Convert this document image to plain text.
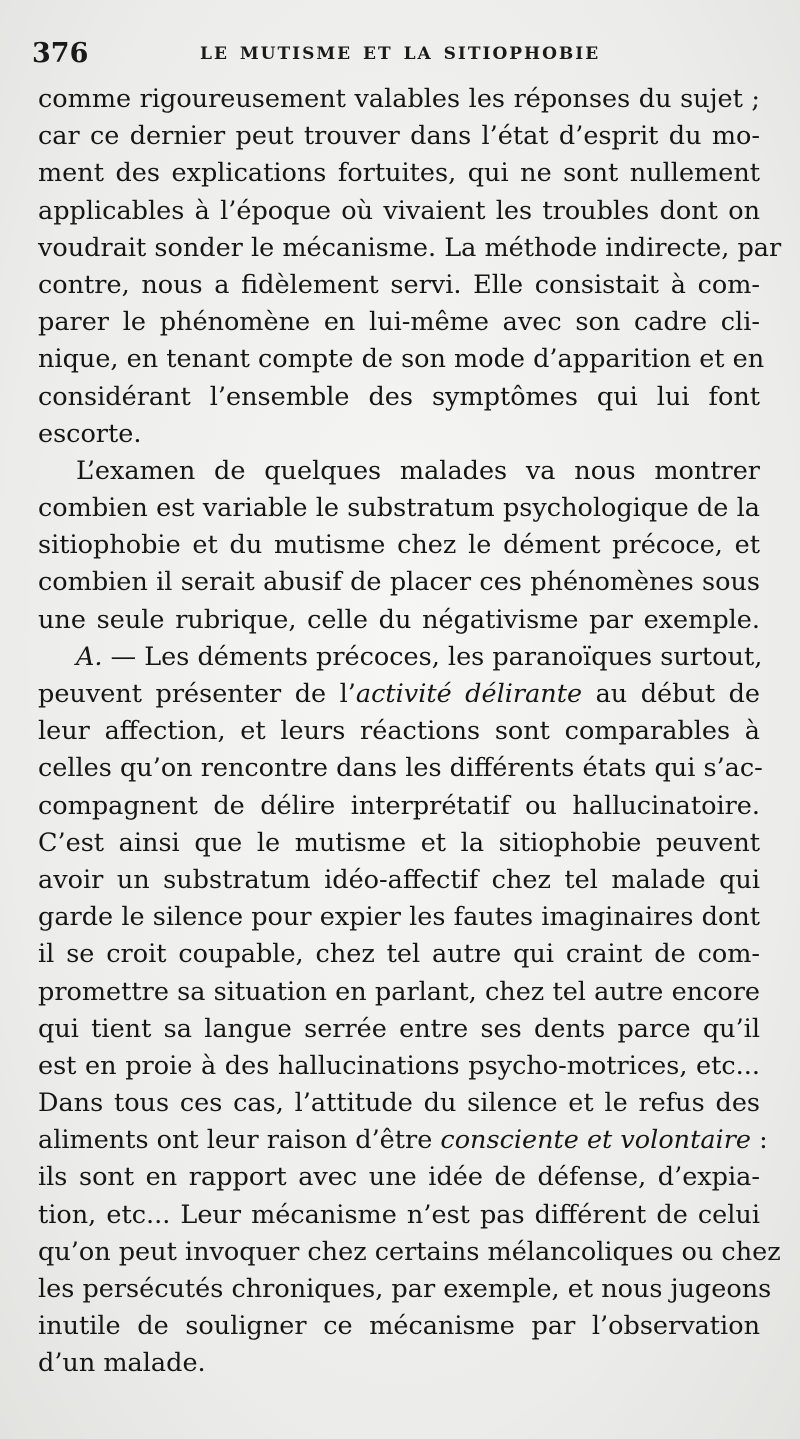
376	LE MUTISME ET LA SITIOPHOBIE
comme rigoureusement valables les réponses du sujet ;
car ce dernier peut trouver dans l’état d’esprit du mo-
ment des explications fortuites, qui ne sont nullement
applicables à l’époque où vivaient les troubles dont on
voudrait sonder le mécanisme. La méthode indirecte, par
contre, nous a fidèlement servi. Elle consistait à com-
parer le phénomène en lui-même avec son cadre cli-
nique, en tenant compte de son mode d’apparition et en
considérant l’ensemble des symptômes qui lui font
escorte.
L’examen de quelques malades va nous montrer
combien est variable le substratum psychologique de la
sitiophobie et du mutisme chez le dément précoce, et
combien il serait abusif de placer ces phénomènes sous
une seule rubrique, celle du négativisme par exemple.
A. — Les déments précoces, les paranoïques surtout,
peuvent présenter de l’activité délirante au début de
leur affection, et leurs réactions sont comparables à
celles qu’on rencontre dans les différents états qui s’ac-
compagnent de délire interprétatif ou hallucinatoire.
C’est ainsi que le mutisme et la sitiophobie peuvent
avoir un substratum idéo-affectif chez tel malade qui
garde le silence pour expier les fautes imaginaires dont
il se croit coupable, chez tel autre qui craint de com-
promettre sa situation en parlant, chez tel autre encore
qui tient sa langue serrée entre ses dents parce qu’il
est en proie à des hallucinations psycho-motrices, etc...
Dans tous ces cas, l’attitude du silence et le refus des
aliments ont leur raison d’être consciente et volontaire :
ils sont en rapport avec une idée de défense, d’expia-
tion, etc... Leur mécanisme n’est pas différent de celui
qu’on peut invoquer chez certains mélancoliques ou chez
les persécutés chroniques, par exemple, et nous jugeons
inutile de souligner ce mécanisme par l’observation
d’un malade.
